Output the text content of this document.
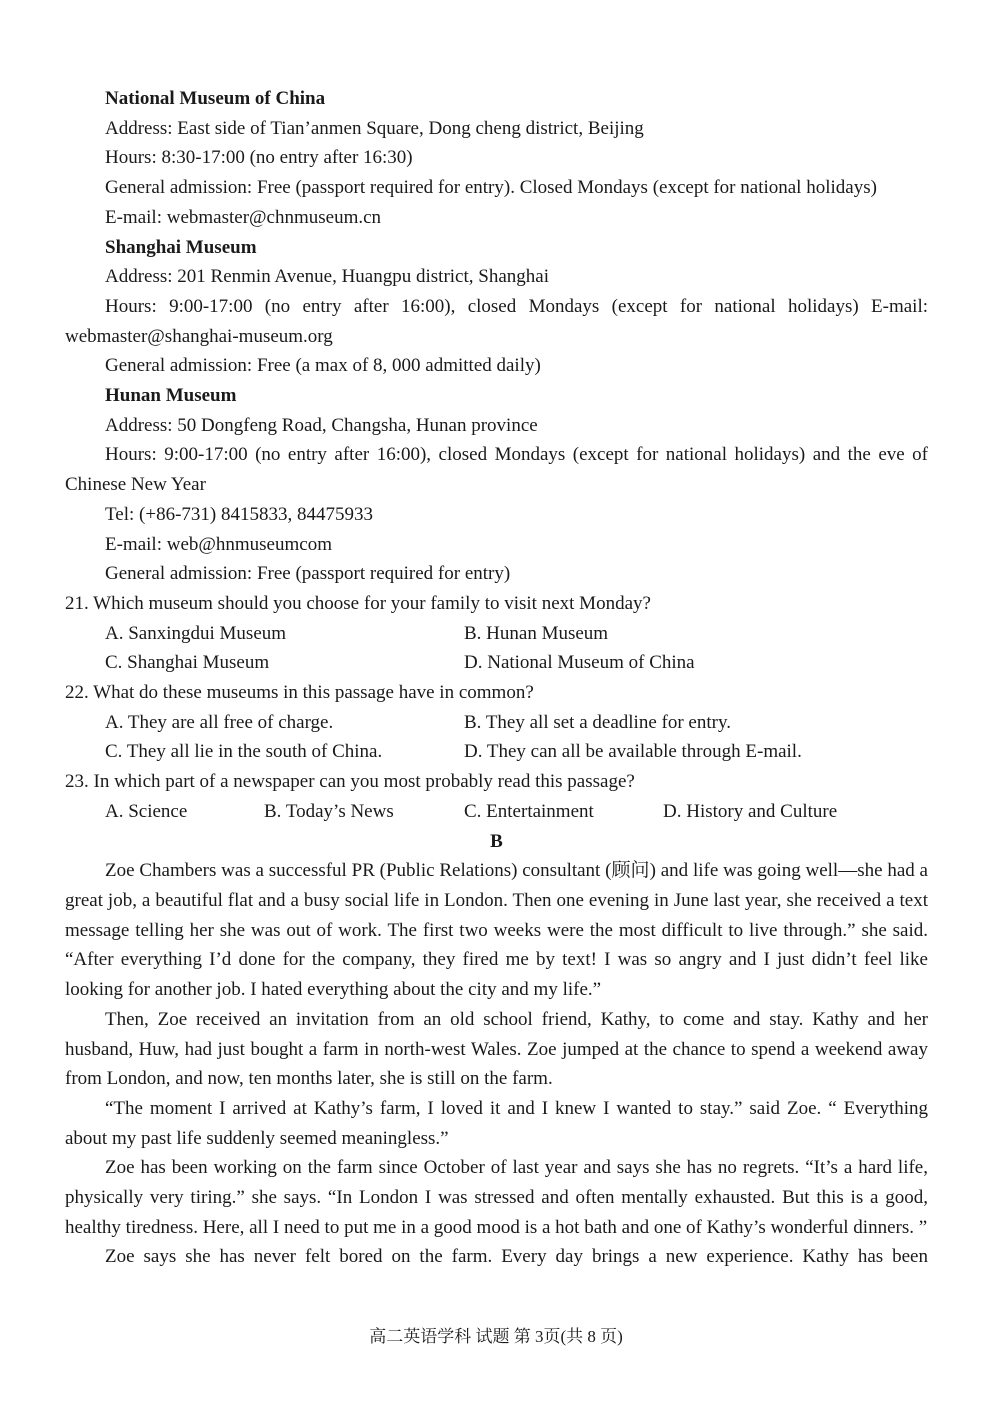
National Museum of China
Address: East side of Tian’anmen Square, Dong cheng district, Beijing
Hours: 8:30-17:00 (no entry after 16:30)
General admission: Free (passport required for entry). Closed Mondays (except for national holidays)
E-mail: webmaster@chnmuseum.cn
Shanghai Museum
Address: 201 Renmin Avenue, Huangpu district, Shanghai
Hours: 9:00-17:00 (no entry after 16:00), closed Mondays (except for national holidays) E-mail:
webmaster@shanghai-museum.org
General admission: Free (a max of 8, 000 admitted daily)
Hunan Museum
Address: 50 Dongfeng Road, Changsha, Hunan province
Hours: 9:00-17:00 (no entry after 16:00), closed Mondays (except for national holidays) and the eve of
Chinese New Year
Tel: (+86-731) 8415833, 84475933
E-mail: web@hnmuseumcom
General admission: Free (passport required for entry)
21. Which museum should you choose for your family to visit next Monday?
A. Sanxingdui Museum	B. Hunan Museum
C. Shanghai Museum	D. National Museum of China
22. What do these museums in this passage have in common?
A. They are all free of charge.	B. They all set a deadline for entry.
C. They all lie in the south of China.	D. They can all be available through E-mail.
23. In which part of a newspaper can you most probably read this passage?
A. Science	B. Today’s News	C. Entertainment	D. History and Culture
B
Zoe Chambers was a successful PR (Public Relations) consultant (顾问) and life was going well—she had a great job, a beautiful flat and a busy social life in London. Then one evening in June last year, she received a text message telling her she was out of work. The first two weeks were the most difficult to live through.” she said. “After everything I’d done for the company, they fired me by text! I was so angry and I just didn’t feel like looking for another job. I hated everything about the city and my life.”
Then, Zoe received an invitation from an old school friend, Kathy, to come and stay. Kathy and her husband, Huw, had just bought a farm in north-west Wales. Zoe jumped at the chance to spend a weekend away from London, and now, ten months later, she is still on the farm.
“The moment I arrived at Kathy’s farm, I loved it and I knew I wanted to stay.” said Zoe. “ Everything about my past life suddenly seemed meaningless.”
Zoe has been working on the farm since October of last year and says she has no regrets. “It’s a hard life, physically very tiring.” she says. “In London I was stressed and often mentally exhausted. But this is a good, healthy tiredness. Here, all I need to put me in a good mood is a hot bath and one of Kathy’s wonderful dinners. ”
Zoe says she has never felt bored on the farm. Every day brings a new experience. Kathy has been
高二英语学科 试题 第 3页(共 8 页)
